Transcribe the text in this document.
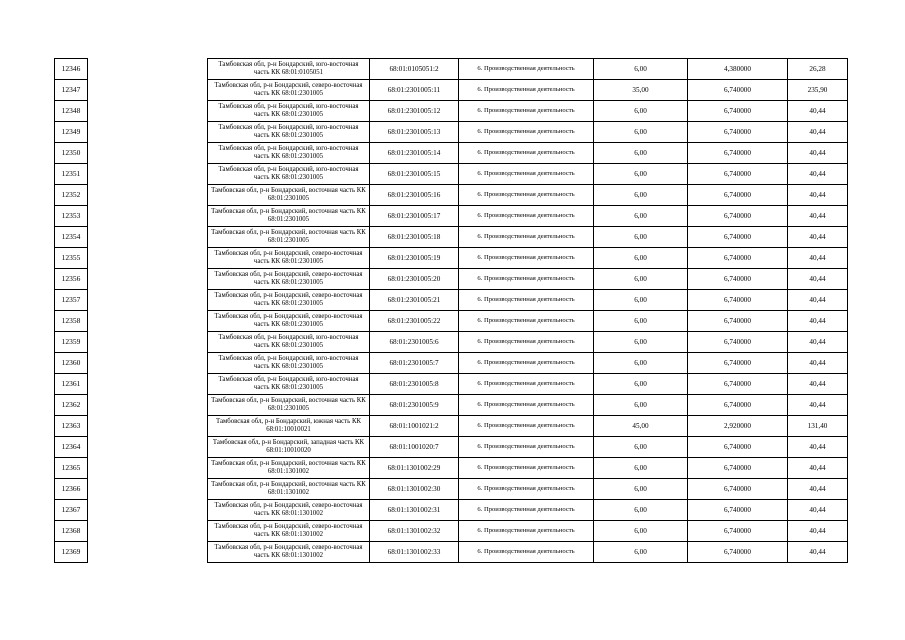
12346	Тамбовская обл, р-н Бондарский, юго-восточная часть КК 68:01:0105051	68:01:0105051:2	6. Производственная деятельность	6,00	4,380000	26,28
12347	Тамбовская обл, р-н Бондарский, северо-восточная часть КК 68:01:2301005	68:01:2301005:11	6. Производственная деятельность	35,00	6,740000	235,90
12348	Тамбовская обл, р-н Бондарский, юго-восточная часть КК 68:01:2301005	68:01:2301005:12	6. Производственная деятельность	6,00	6,740000	40,44
12349	Тамбовская обл, р-н Бондарский, юго-восточная часть КК 68:01:2301005	68:01:2301005:13	6. Производственная деятельность	6,00	6,740000	40,44
12350	Тамбовская обл, р-н Бондарский, юго-восточная часть КК 68:01:2301005	68:01:2301005:14	6. Производственная деятельность	6,00	6,740000	40,44
12351	Тамбовская обл, р-н Бондарский, юго-восточная часть КК 68:01:2301005	68:01:2301005:15	6. Производственная деятельность	6,00	6,740000	40,44
12352	Тамбовская обл, р-н Бондарский, восточная часть КК 68:01:2301005	68:01:2301005:16	6. Производственная деятельность	6,00	6,740000	40,44
12353	Тамбовская обл, р-н Бондарский, восточная часть КК 68:01:2301005	68:01:2301005:17	6. Производственная деятельность	6,00	6,740000	40,44
12354	Тамбовская обл, р-н Бондарский, восточная часть КК 68:01:2301005	68:01:2301005:18	6. Производственная деятельность	6,00	6,740000	40,44
12355	Тамбовская обл, р-н Бондарский, северо-восточная часть КК 68:01:2301005	68:01:2301005:19	6. Производственная деятельность	6,00	6,740000	40,44
12356	Тамбовская обл, р-н Бондарский, северо-восточная часть КК 68:01:2301005	68:01:2301005:20	6. Производственная деятельность	6,00	6,740000	40,44
12357	Тамбовская обл, р-н Бондарский, северо-восточная часть КК 68:01:2301005	68:01:2301005:21	6. Производственная деятельность	6,00	6,740000	40,44
12358	Тамбовская обл, р-н Бондарский, северо-восточная часть КК 68:01:2301005	68:01:2301005:22	6. Производственная деятельность	6,00	6,740000	40,44
12359	Тамбовская обл, р-н Бондарский, юго-восточная часть КК 68:01:2301005	68:01:2301005:6	6. Производственная деятельность	6,00	6,740000	40,44
12360	Тамбовская обл, р-н Бондарский, юго-восточная часть КК 68:01:2301005	68:01:2301005:7	6. Производственная деятельность	6,00	6,740000	40,44
12361	Тамбовская обл, р-н Бондарский, юго-восточная часть КК 68:01:2301005	68:01:2301005:8	6. Производственная деятельность	6,00	6,740000	40,44
12362	Тамбовская обл, р-н Бондарский, восточная часть КК 68:01:2301005	68:01:2301005:9	6. Производственная деятельность	6,00	6,740000	40,44
12363	Тамбовская обл, р-н Бондарский, южная часть КК 68:01:10010021	68:01:1001021:2	6. Производственная деятельность	45,00	2,920000	131,40
12364	Тамбовская обл, р-н Бондарский, западная часть КК 68:01:10010020	68:01:1001020:7	6. Производственная деятельность	6,00	6,740000	40,44
12365	Тамбовская обл, р-н Бондарский, восточная часть КК 68:01:1301002	68:01:1301002:29	6. Производственная деятельность	6,00	6,740000	40,44
12366	Тамбовская обл, р-н Бондарский, восточная часть КК 68:01:1301002	68:01:1301002:30	6. Производственная деятельность	6,00	6,740000	40,44
12367	Тамбовская обл, р-н Бондарский, северо-восточная часть КК 68:01:1301002	68:01:1301002:31	6. Производственная деятельность	6,00	6,740000	40,44
12368	Тамбовская обл, р-н Бондарский, северо-восточная часть КК 68:01:1301002	68:01:1301002:32	6. Производственная деятельность	6,00	6,740000	40,44
12369	Тамбовская обл, р-н Бондарский, северо-восточная часть КК 68:01:1301002	68:01:1301002:33	6. Производственная деятельность	6,00	6,740000	40,44
